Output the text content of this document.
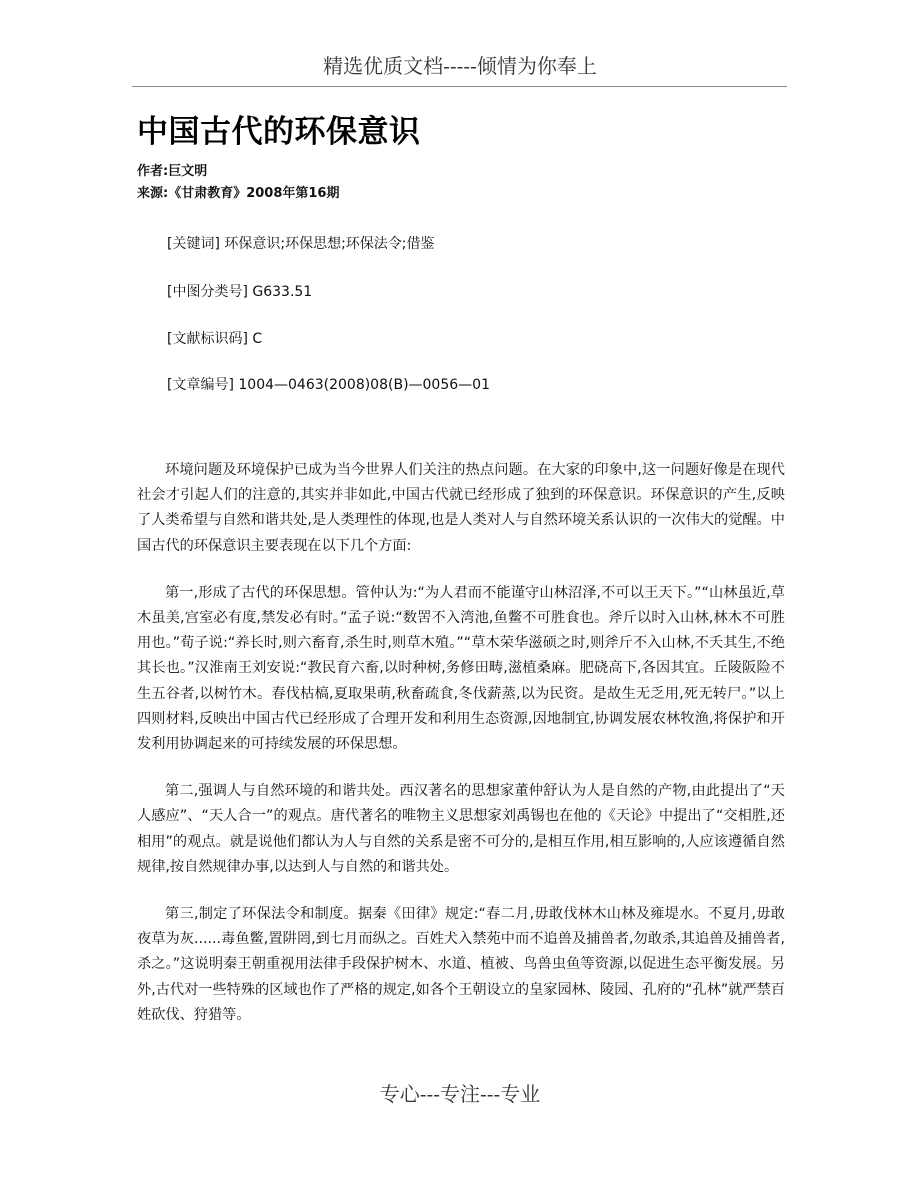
精选优质文档-----倾情为你奉上
中国古代的环保意识
作者:巨文明
来源:《甘肃教育》2008年第16期
[关键词] 环保意识;环保思想;环保法令;借鉴
[中图分类号] G633.51
[文献标识码] C
[文章编号] 1004—0463(2008)08(B)—0056—01

环境问题及环境保护已成为当今世界人们关注的热点问题。在大家的印象中,这一问题好像是在现代社会才引起人们的注意的,其实并非如此,中国古代就已经形成了独到的环保意识。环保意识的产生,反映了人类希望与自然和谐共处,是人类理性的体现,也是人类对人与自然环境关系认识的一次伟大的觉醒。中国古代的环保意识主要表现在以下几个方面:

第一,形成了古代的环保思想。管仲认为:“为人君而不能谨守山林沼泽,不可以王天下。”“山林虽近,草木虽美,宫室必有度,禁发必有时。”孟子说:“数罟不入湾池,鱼鳖不可胜食也。斧斤以时入山林,林木不可胜用也。”荀子说:“养长时,则六畜育,杀生时,则草木殖。”“草木荣华滋硕之时,则斧斤不入山林,不夭其生,不绝其长也。”汉淮南王刘安说:“教民育六畜,以时种树,务修田畴,滋植桑麻。肥硗高下,各因其宜。丘陵阪险不生五谷者,以树竹木。春伐枯槁,夏取果萌,秋畜疏食,冬伐薪蒸,以为民资。是故生无乏用,死无转尸。”以上四则材料,反映出中国古代已经形成了合理开发和利用生态资源,因地制宜,协调发展农林牧渔,将保护和开发利用协调起来的可持续发展的环保思想。

第二,强调人与自然环境的和谐共处。西汉著名的思想家董仲舒认为人是自然的产物,由此提出了“天人感应”、“天人合一”的观点。唐代著名的唯物主义思想家刘禹锡也在他的《天论》中提出了“交相胜,还相用”的观点。就是说他们都认为人与自然的关系是密不可分的,是相互作用,相互影响的,人应该遵循自然规律,按自然规律办事,以达到人与自然的和谐共处。

第三,制定了环保法令和制度。据秦《田律》规定:“春二月,毋敢伐林木山林及雍堤水。不夏月,毋敢夜草为灰......毒鱼鳖,置阱罔,到七月而纵之。百姓犬入禁苑中而不追兽及捕兽者,勿敢杀,其追兽及捕兽者,杀之。”这说明秦王朝重视用法律手段保护树木、水道、植被、鸟兽虫鱼等资源,以促进生态平衡发展。另外,古代对一些特殊的区域也作了严格的规定,如各个王朝设立的皇家园林、陵园、孔府的“孔林”就严禁百姓砍伐、狩猎等。

专心---专注---专业
